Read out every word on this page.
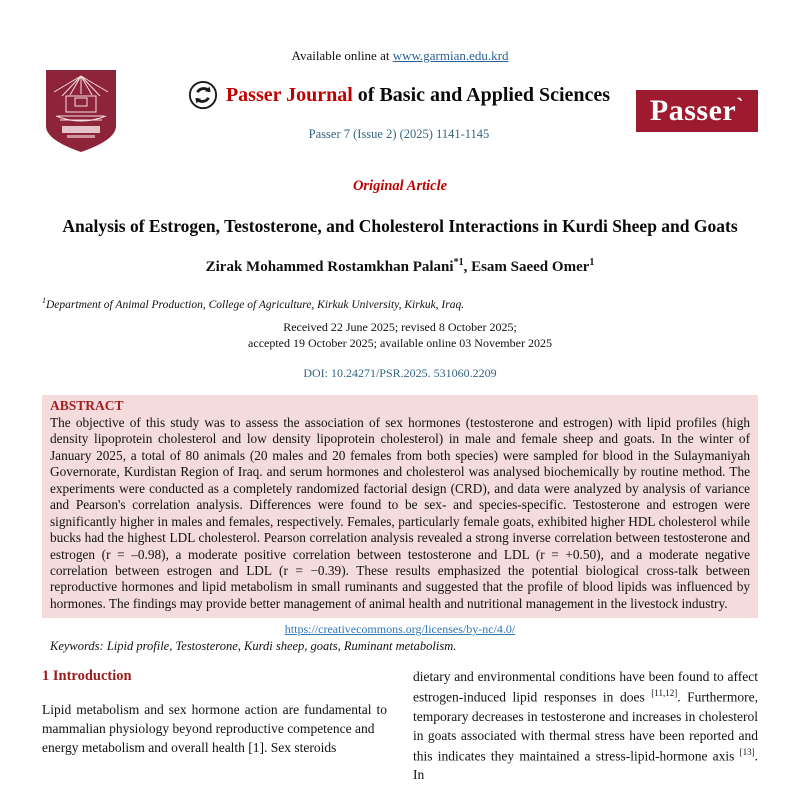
Available online at www.garmian.edu.krd
Passer Journal of Basic and Applied Sciences
Passer 7 (Issue 2) (2025) 1141-1145
Passer ˋ
Original Article
Analysis of Estrogen, Testosterone, and Cholesterol Interactions in Kurdi Sheep and Goats
Zirak Mohammed Rostamkhan Palani$^{*1}$, Esam Saeed Omer$^1$
$^1$Department of Animal Production, College of Agriculture, Kirkuk University, Kirkuk, Iraq.
Received 22 June 2025; revised 8 October 2025;
accepted 19 October 2025; available online 03 November 2025
DOI: 10.24271/PSR.2025. 531060.2209
ABSTRACT

The objective of this study was to assess the association of sex hormones (testosterone and estrogen) with lipid profiles (high density lipoprotein cholesterol and low density lipoprotein cholesterol) in male and female sheep and goats. In the winter of January 2025, a total of 80 animals (20 males and 20 females from both species) were sampled for blood in the Sulaymaniyah Governorate, Kurdistan Region of Iraq. and serum hormones and cholesterol was analysed biochemically by routine method. The experiments were conducted as a completely randomized factorial design (CRD), and data were analyzed by analysis of variance and Pearson's correlation analysis. Differences were found to be sex- and species-specific. Testosterone and estrogen were significantly higher in males and females, respectively. Females, particularly female goats, exhibited higher HDL cholesterol while bucks had the highest LDL cholesterol. Pearson correlation analysis revealed a strong inverse correlation between testosterone and estrogen (r = –0.98), a moderate positive correlation between testosterone and LDL (r = +0.50), and a moderate negative correlation between estrogen and LDL (r = −0.39). These results emphasized the potential biological cross-talk between reproductive hormones and lipid metabolism in small ruminants and suggested that the profile of blood lipids was influenced by hormones. The findings may provide better management of animal health and nutritional management in the livestock industry.

https://creativecommons.org/licenses/by-nc/4.0/
Keywords: Lipid profile, Testosterone, Kurdi sheep, goats, Ruminant metabolism.
1 Introduction

Lipid metabolism and sex hormone action are fundamental to mammalian physiology beyond reproductive competence and

energy metabolism and overall health [1]. Sex steroids

dietary and environmental conditions have been found to affect estrogen-induced lipid responses in does [11,12]. Furthermore, temporary decreases in testosterone and increases in cholesterol in goats associated with thermal stress have been reported and this indicates they maintained a stress-lipid-hormone axis [13]. In
